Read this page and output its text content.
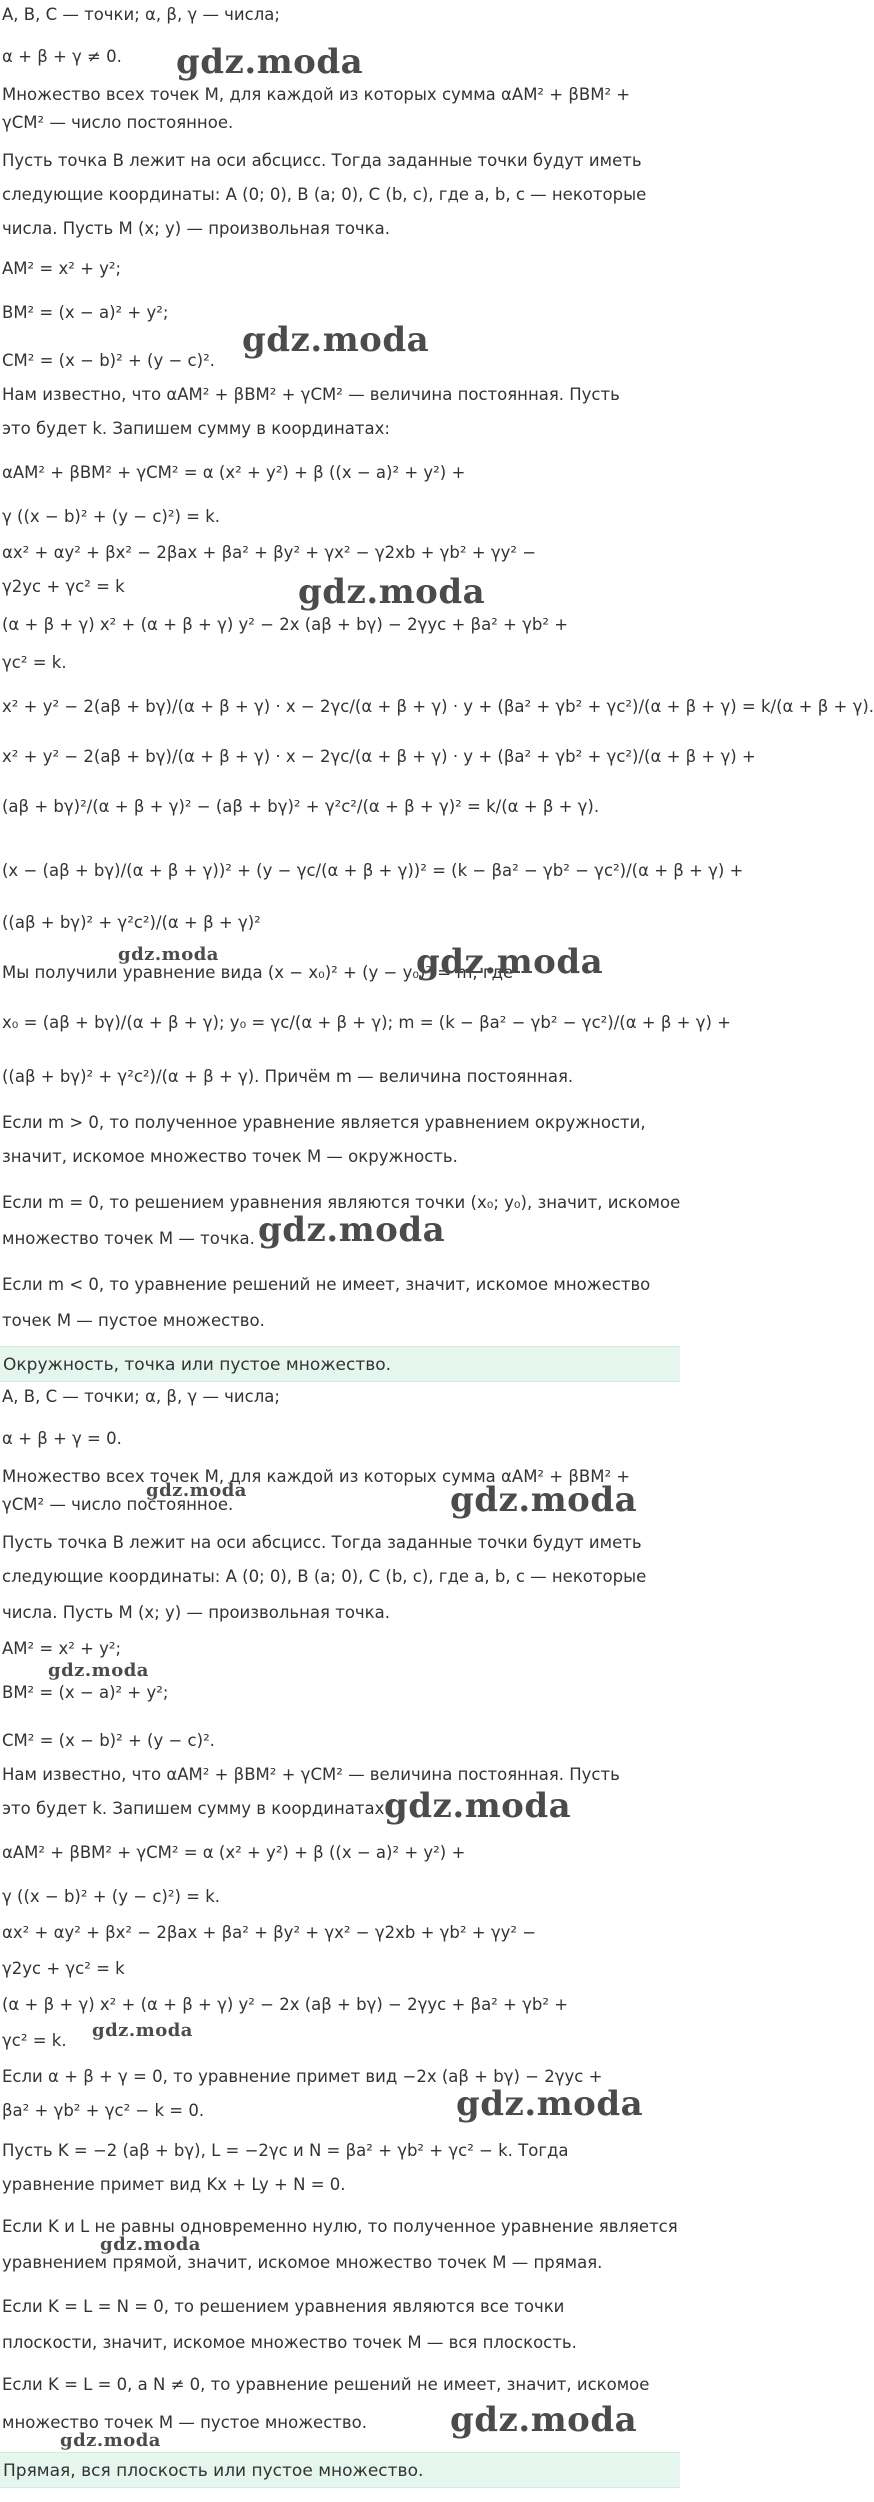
A, B, C — точки; α, β, γ — числа;
α + β + γ ≠ 0.
Множество всех точек M, для каждой из которых сумма αAM² + βBM² +
γCM² — число постоянное.
Пусть точка B лежит на оси абсцисс. Тогда заданные точки будут иметь
следующие координаты: A (0; 0), B (a; 0), C (b, c), где a, b, c — некоторые
числа. Пусть M (x; y) — произвольная точка.
AM² = x² + y²;
BM² = (x − a)² + y²;
CM² = (x − b)² + (y − c)².
Нам известно, что αAM² + βBM² + γCM² — величина постоянная. Пусть
это будет k. Запишем сумму в координатах:
αAM² + βBM² + γCM² = α (x² + y²) + β ((x − a)² + y²) +
γ ((x − b)² + (y − c)²) = k.
αx² + αy² + βx² − 2βax + βa² + βy² + γx² − γ2xb + γb² + γy² −
γ2yc + γc² = k
(α + β + γ) x² + (α + β + γ) y² − 2x (aβ + bγ) − 2γyc + βa² + γb² +
γc² = k.
x² + y² − 2(aβ + bγ)/(α + β + γ) · x − 2γc/(α + β + γ) · y + (βa² + γb² + γc²)/(α + β + γ) = k/(α + β + γ).
x² + y² − 2(aβ + bγ)/(α + β + γ) · x − 2γc/(α + β + γ) · y + (βa² + γb² + γc²)/(α + β + γ) +
(aβ + bγ)²/(α + β + γ)² − (aβ + bγ)² + γ²c²/(α + β + γ)² = k/(α + β + γ).
(x − (aβ + bγ)/(α + β + γ))² + (y − γc/(α + β + γ))² = (k − βa² − γb² − γc²)/(α + β + γ) +
((aβ + bγ)² + γ²c²)/(α + β + γ)²
Мы получили уравнение вида (x − x₀)² + (y − y₀)² = m, где
x₀ = (aβ + bγ)/(α + β + γ); y₀ = γc/(α + β + γ); m = (k − βa² − γb² − γc²)/(α + β + γ) +
((aβ + bγ)² + γ²c²)/(α + β + γ). Причём m — величина постоянная.
Если m > 0, то полученное уравнение является уравнением окружности,
значит, искомое множество точек M — окружность.
Если m = 0, то решением уравнения являются точки (x₀; y₀), значит, искомое
множество точек M — точка.
Если m < 0, то уравнение решений не имеет, значит, искомое множество
точек M — пустое множество.
Окружность, точка или пустое множество.
A, B, C — точки; α, β, γ — числа;
α + β + γ = 0.
Множество всех точек M, для каждой из которых сумма αAM² + βBM² +
γCM² — число постоянное.
Пусть точка B лежит на оси абсцисс. Тогда заданные точки будут иметь
следующие координаты: A (0; 0), B (a; 0), C (b, c), где a, b, c — некоторые
числа. Пусть M (x; y) — произвольная точка.
AM² = x² + y²;
BM² = (x − a)² + y²;
CM² = (x − b)² + (y − c)².
Нам известно, что αAM² + βBM² + γCM² — величина постоянная. Пусть
это будет k. Запишем сумму в координатах:
αAM² + βBM² + γCM² = α (x² + y²) + β ((x − a)² + y²) +
γ ((x − b)² + (y − c)²) = k.
αx² + αy² + βx² − 2βax + βa² + βy² + γx² − γ2xb + γb² + γy² −
γ2yc + γc² = k
(α + β + γ) x² + (α + β + γ) y² − 2x (aβ + bγ) − 2γyc + βa² + γb² +
γc² = k.
Если α + β + γ = 0, то уравнение примет вид −2x (aβ + bγ) − 2γyc +
βa² + γb² + γc² − k = 0.
Пусть K = −2 (aβ + bγ), L = −2γc и N = βa² + γb² + γc² − k. Тогда
уравнение примет вид Kx + Ly + N = 0.
Если K и L не равны одновременно нулю, то полученное уравнение является
уравнением прямой, значит, искомое множество точек M — прямая.
Если K = L = N = 0, то решением уравнения являются все точки
плоскости, значит, искомое множество точек M — вся плоскость.
Если K = L = 0, а N ≠ 0, то уравнение решений не имеет, значит, искомое
множество точек M — пустое множество.
Прямая, вся плоскость или пустое множество.
gdz.moda
gdz.moda
gdz.moda
gdz.moda	gdz.moda
gdz.moda
gdz.moda	gdz.moda
gdz.moda
gdz.moda
gdz.moda
gdz.moda
gdz.moda
gdz.moda
gdz.moda
